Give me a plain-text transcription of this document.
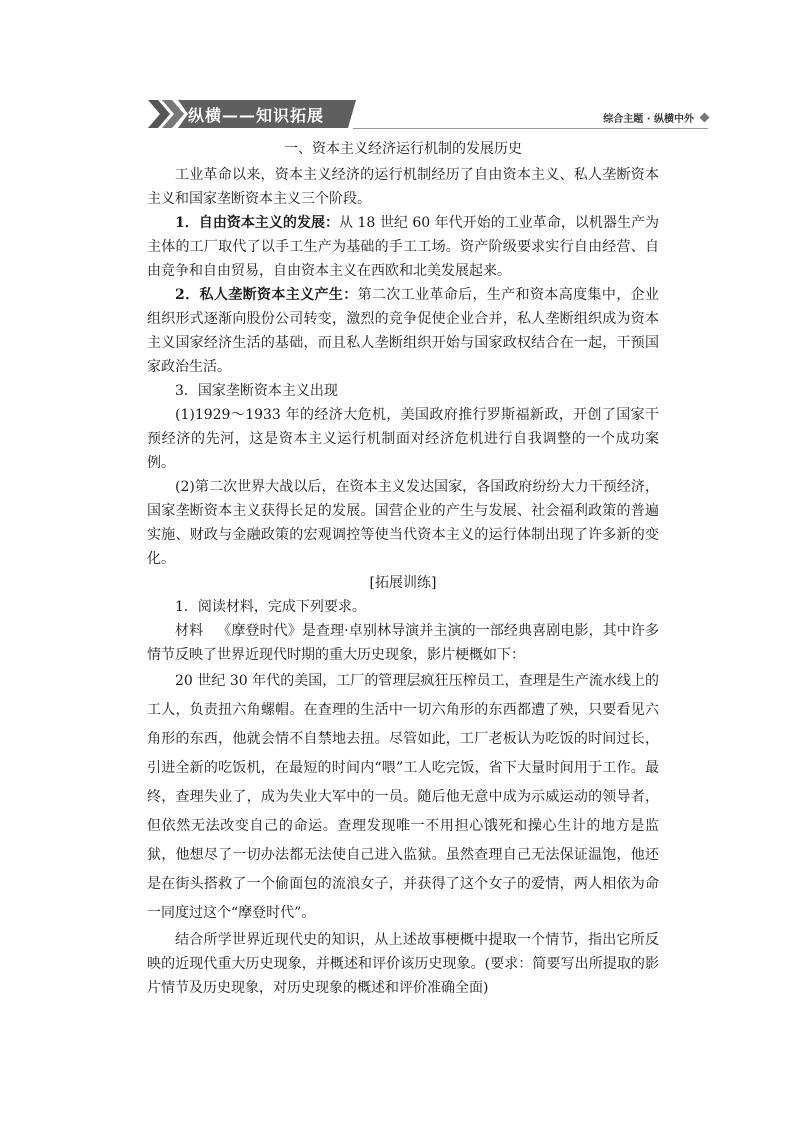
纵横——知识拓展	综合主题 · 纵横中外

一、资本主义经济运行机制的发展历史

工业革命以来，资本主义经济的运行机制经历了自由资本主义、私人垄断资本主义和国家垄断资本主义三个阶段。

1．自由资本主义的发展：从 18 世纪 60 年代开始的工业革命，以机器生产为主体的工厂取代了以手工生产为基础的手工工场。资产阶级要求实行自由经营、自由竞争和自由贸易，自由资本主义在西欧和北美发展起来。

2．私人垄断资本主义产生：第二次工业革命后，生产和资本高度集中，企业组织形式逐渐向股份公司转变，激烈的竞争促使企业合并，私人垄断组织成为资本主义国家经济生活的基础，而且私人垄断组织开始与国家政权结合在一起，干预国家政治生活。

3．国家垄断资本主义出现

(1)1929～1933 年的经济大危机，美国政府推行罗斯福新政，开创了国家干预经济的先河，这是资本主义运行机制面对经济危机进行自我调整的一个成功案例。

(2)第二次世界大战以后，在资本主义发达国家，各国政府纷纷大力干预经济，国家垄断资本主义获得长足的发展。国营企业的产生与发展、社会福利政策的普遍实施、财政与金融政策的宏观调控等使当代资本主义的运行体制出现了许多新的变化。

[拓展训练]

1．阅读材料，完成下列要求。

材料 《摩登时代》是查理·卓别林导演并主演的一部经典喜剧电影，其中许多情节反映了世界近现代时期的重大历史现象，影片梗概如下：

20 世纪 30 年代的美国，工厂的管理层疯狂压榨员工，查理是生产流水线上的工人，负责扭六角螺帽。在查理的生活中一切六角形的东西都遭了殃，只要看见六角形的东西，他就会情不自禁地去扭。尽管如此，工厂老板认为吃饭的时间过长，引进全新的吃饭机，在最短的时间内“喂”工人吃完饭，省下大量时间用于工作。最终，查理失业了，成为失业大军中的一员。随后他无意中成为示威运动的领导者，但依然无法改变自己的命运。查理发现唯一不用担心饿死和操心生计的地方是监狱，他想尽了一切办法都无法使自己进入监狱。虽然查理自己无法保证温饱，他还是在街头搭救了一个偷面包的流浪女子，并获得了这个女子的爱情，两人相依为命一同度过这个“摩登时代”。

结合所学世界近现代史的知识，从上述故事梗概中提取一个情节，指出它所反映的近现代重大历史现象，并概述和评价该历史现象。(要求：简要写出所提取的影片情节及历史现象，对历史现象的概述和评价准确全面)
